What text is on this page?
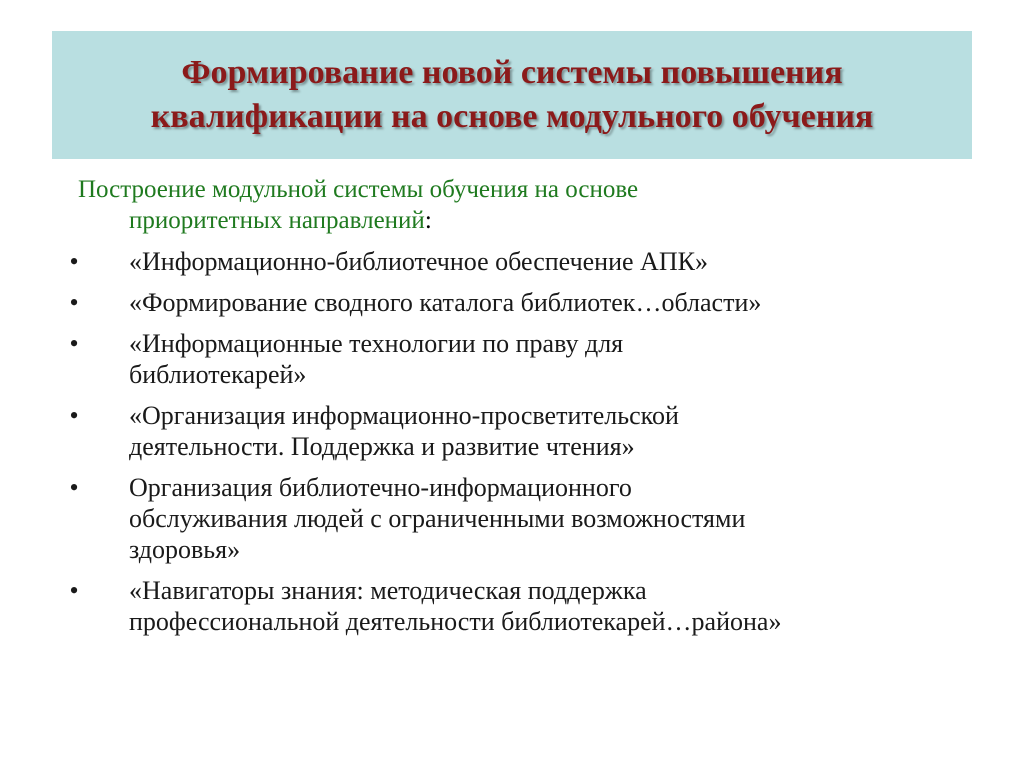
Формирование новой системы повышения
квалификации на основе модульного обучения
Построение модульной системы обучения на основе
приоритетных направлений:
• «Информационно-библиотечное обеспечение АПК»
• «Формирование сводного каталога библиотек…области»
• «Информационные технологии по праву для
библиотекарей»
• «Организация информационно-просветительской
деятельности. Поддержка и развитие чтения»
• Организация библиотечно-информационного
обслуживания людей с ограниченными возможностями
здоровья»
• «Навигаторы знания: методическая поддержка
профессиональной деятельности библиотекарей…района»
